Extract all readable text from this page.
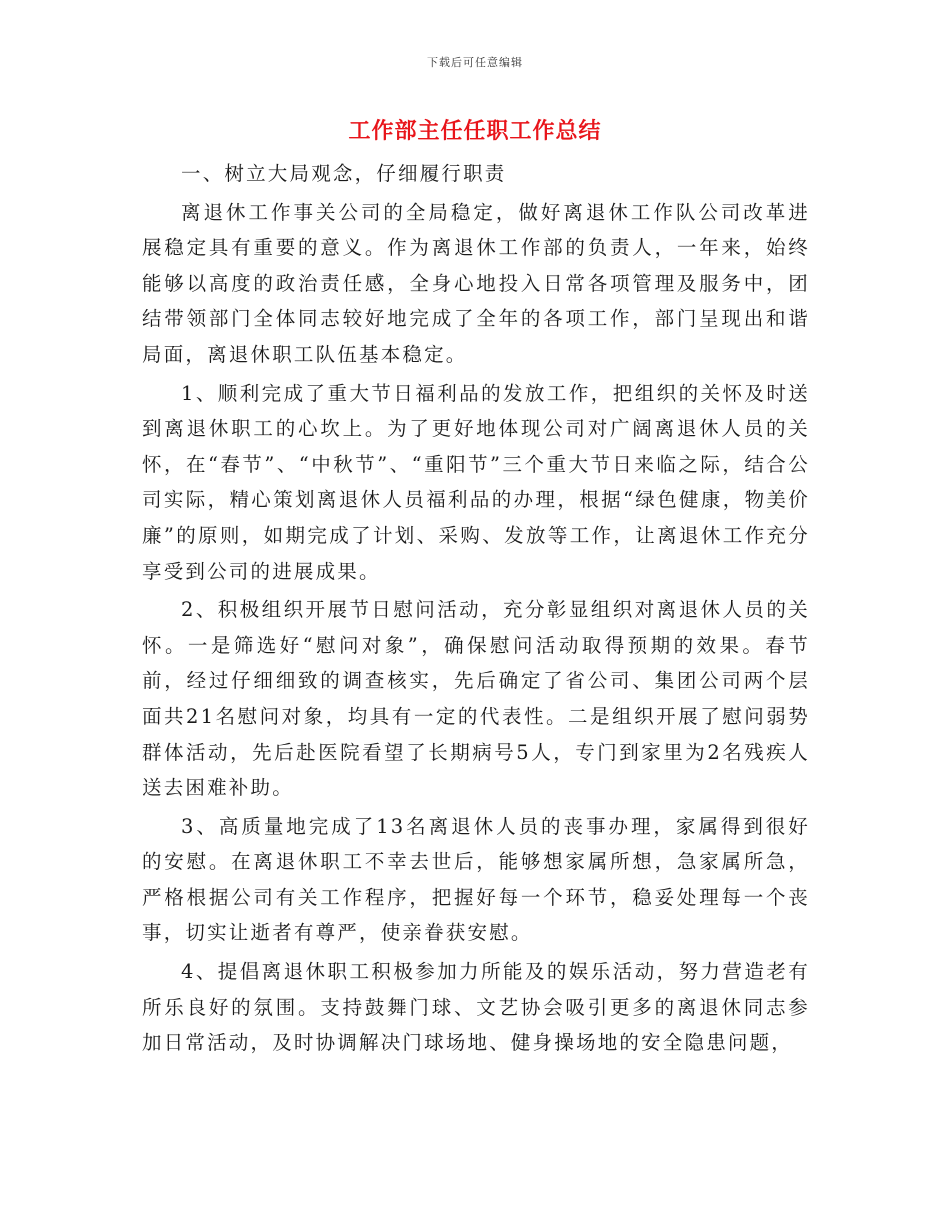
下载后可任意编辑
工作部主任任职工作总结

一、树立大局观念，仔细履行职责

离退休工作事关公司的全局稳定，做好离退休工作队公司改革进展稳定具有重要的意义。作为离退休工作部的负责人，一年来，始终能够以高度的政治责任感，全身心地投入日常各项管理及服务中，团结带领部门全体同志较好地完成了全年的各项工作，部门呈现出和谐局面，离退休职工队伍基本稳定。

1、顺利完成了重大节日福利品的发放工作，把组织的关怀及时送到离退休职工的心坎上。为了更好地体现公司对广阔离退休人员的关怀，在“春节”、“中秋节”、“重阳节”三个重大节日来临之际，结合公司实际，精心策划离退休人员福利品的办理，根据“绿色健康，物美价廉”的原则，如期完成了计划、采购、发放等工作，让离退休工作充分享受到公司的进展成果。

2、积极组织开展节日慰问活动，充分彰显组织对离退休人员的关怀。一是筛选好“慰问对象”，确保慰问活动取得预期的效果。春节前，经过仔细细致的调查核实，先后确定了省公司、集团公司两个层面共21名慰问对象，均具有一定的代表性。二是组织开展了慰问弱势群体活动，先后赴医院看望了长期病号5人，专门到家里为2名残疾人送去困难补助。

3、高质量地完成了13名离退休人员的丧事办理，家属得到很好的安慰。在离退休职工不幸去世后，能够想家属所想，急家属所急，严格根据公司有关工作程序，把握好每一个环节，稳妥处理每一个丧事，切实让逝者有尊严，使亲眷获安慰。

4、提倡离退休职工积极参加力所能及的娱乐活动，努力营造老有所乐良好的氛围。支持鼓舞门球、文艺协会吸引更多的离退休同志参加日常活动，及时协调解决门球场地、健身操场地的安全隐患问题，
